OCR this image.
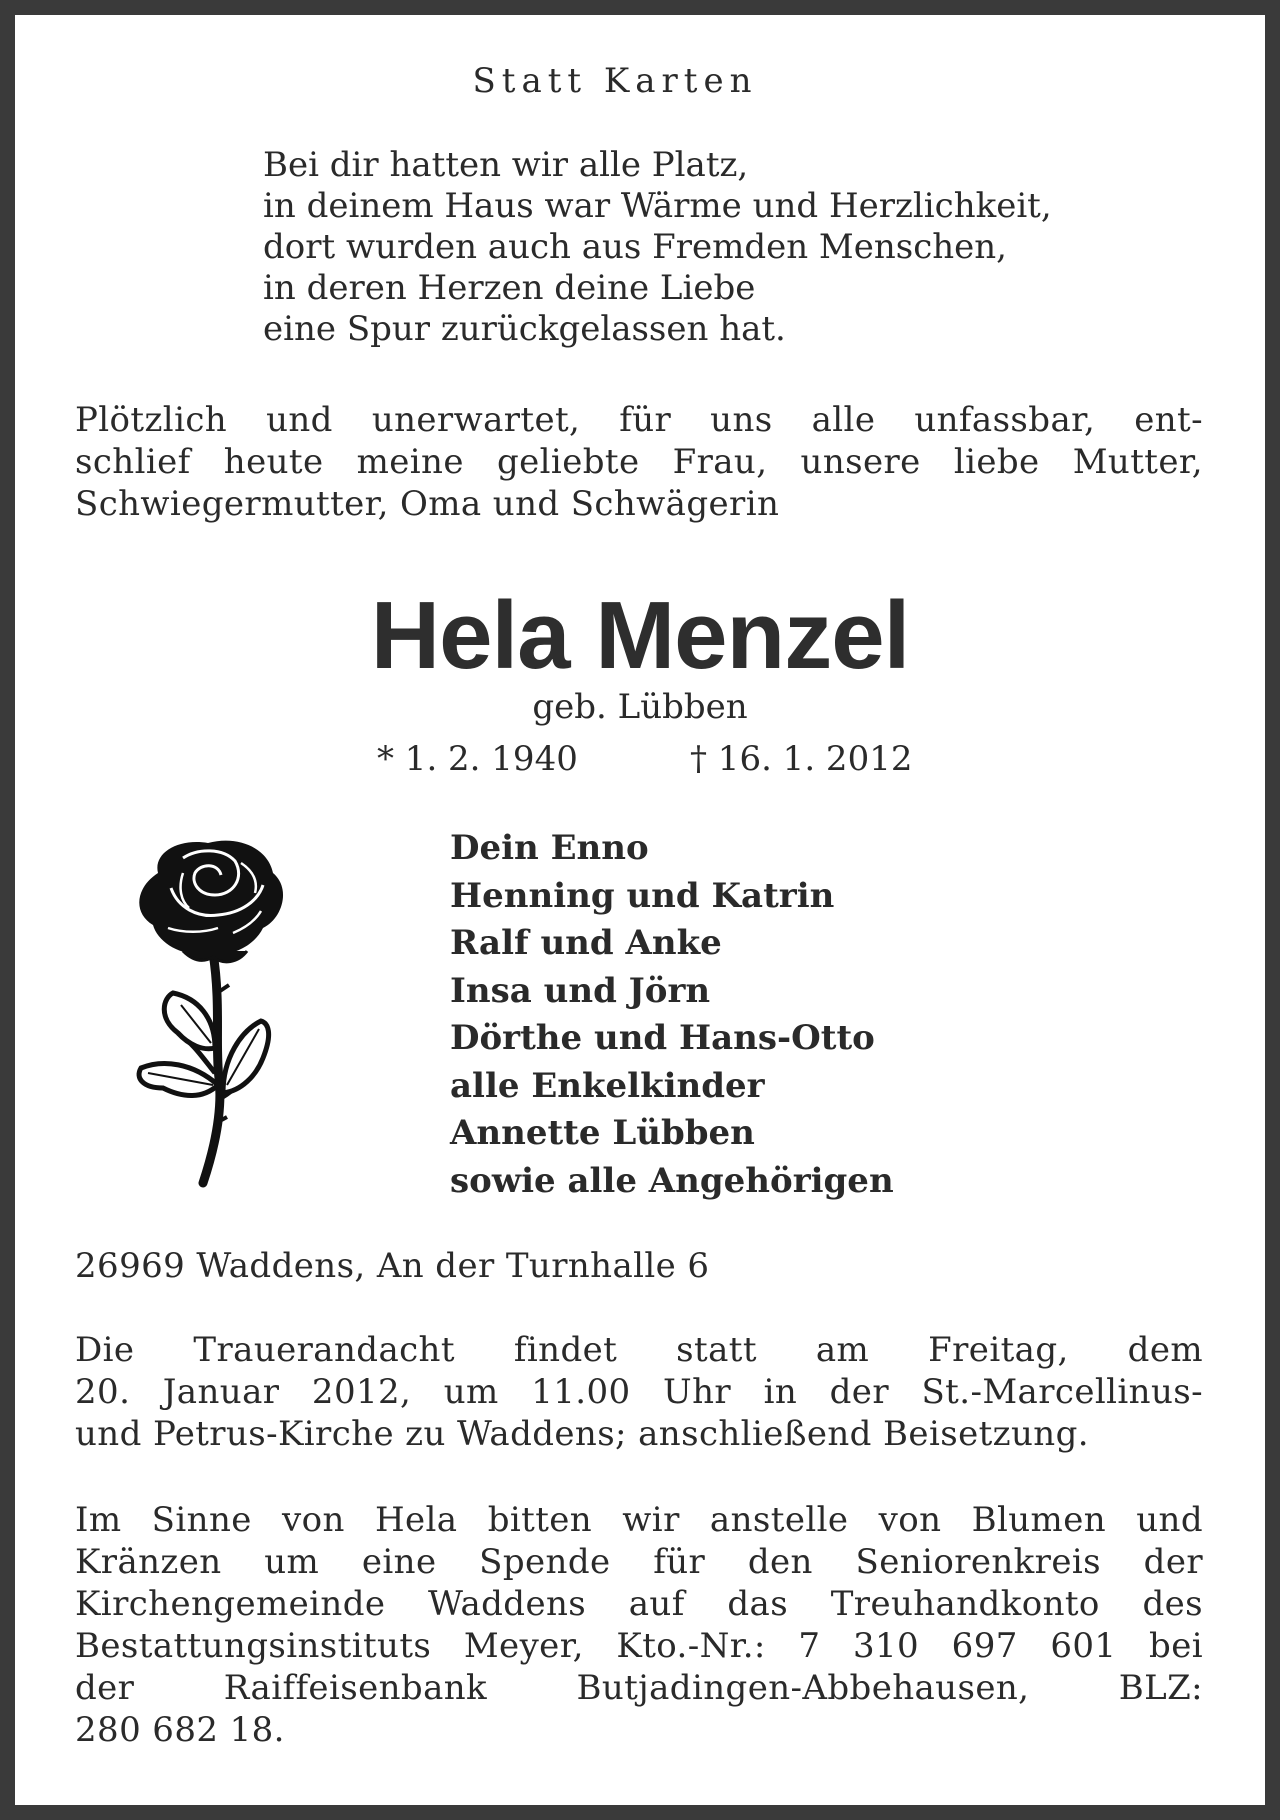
Statt Karten
Bei dir hatten wir alle Platz,
in deinem Haus war Wärme und Herzlichkeit,
dort wurden auch aus Fremden Menschen,
in deren Herzen deine Liebe
eine Spur zurückgelassen hat.
Plötzlich und unerwartet, für uns alle unfassbar, ent-
schlief heute meine geliebte Frau, unsere liebe Mutter,
Schwiegermutter, Oma und Schwägerin
Hela Menzel
geb. Lübben
* 1. 2. 1940	† 16. 1. 2012
Dein Enno
Henning und Katrin
Ralf und Anke
Insa und Jörn
Dörthe und Hans-Otto
alle Enkelkinder
Annette Lübben
sowie alle Angehörigen
26969 Waddens, An der Turnhalle 6
Die Trauerandacht findet statt am Freitag, dem
20. Januar 2012, um 11.00 Uhr in der St.-Marcellinus-
und Petrus-Kirche zu Waddens; anschließend Beisetzung.
Im Sinne von Hela bitten wir anstelle von Blumen und
Kränzen um eine Spende für den Seniorenkreis der
Kirchengemeinde Waddens auf das Treuhandkonto des
Bestattungsinstituts Meyer, Kto.-Nr.: 7 310 697 601 bei
der Raiffeisenbank Butjadingen-Abbehausen, BLZ:
280 682 18.
